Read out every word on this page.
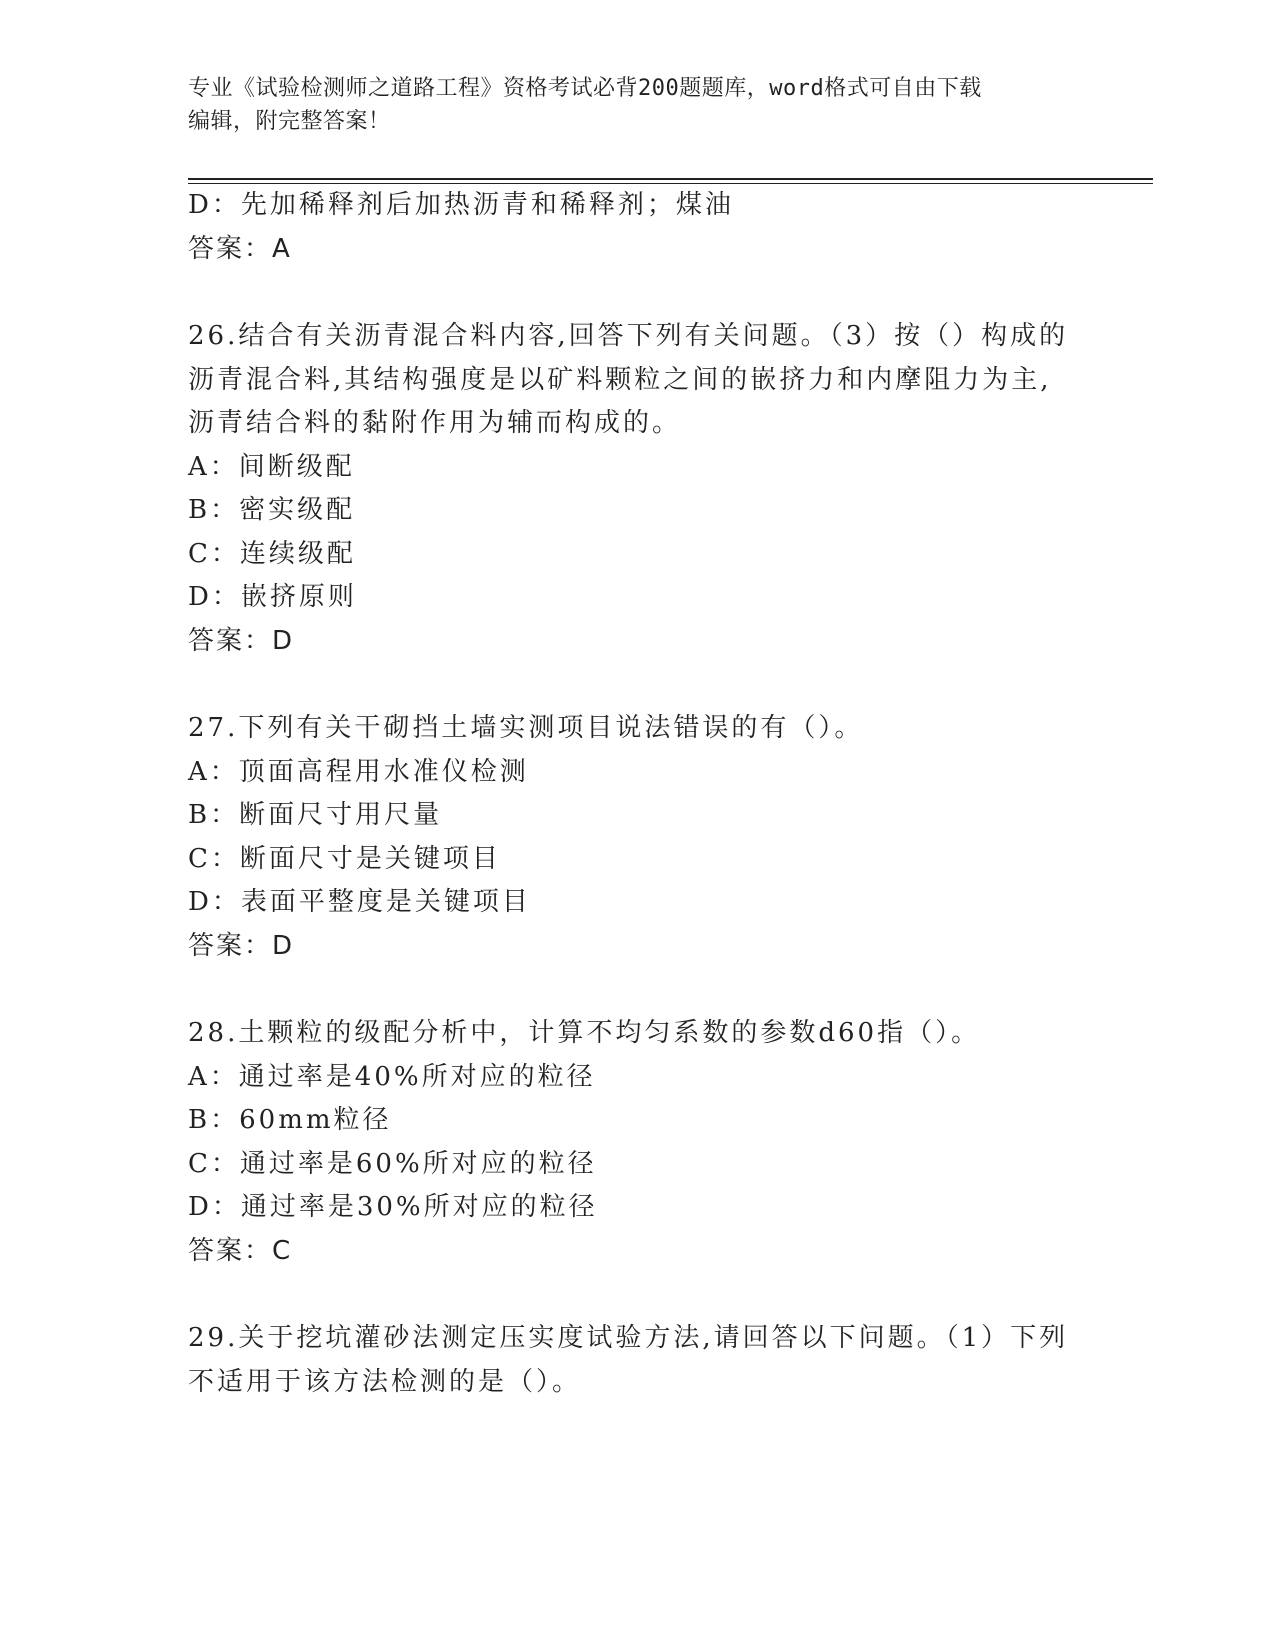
专业《试验检测师之道路工程》资格考试必背200题题库，word格式可自由下载
编辑，附完整答案！
D：先加稀释剂后加热沥青和稀释剂；煤油
答案：A
26.结合有关沥青混合料内容,回答下列有关问题。（3）按（）构成的
沥青混合料,其结构强度是以矿料颗粒之间的嵌挤力和内摩阻力为主,
沥青结合料的黏附作用为辅而构成的。
A：间断级配
B：密实级配
C：连续级配
D：嵌挤原则
答案：D
27.下列有关干砌挡土墙实测项目说法错误的有（）。
A：顶面高程用水准仪检测
B：断面尺寸用尺量
C：断面尺寸是关键项目
D：表面平整度是关键项目
答案：D
28.土颗粒的级配分析中，计算不均匀系数的参数d60指（）。
A：通过率是40%所对应的粒径
B：60mm粒径
C：通过率是60%所对应的粒径
D：通过率是30%所对应的粒径
答案：C
29.关于挖坑灌砂法测定压实度试验方法,请回答以下问题。（1）下列
不适用于该方法检测的是（）。
